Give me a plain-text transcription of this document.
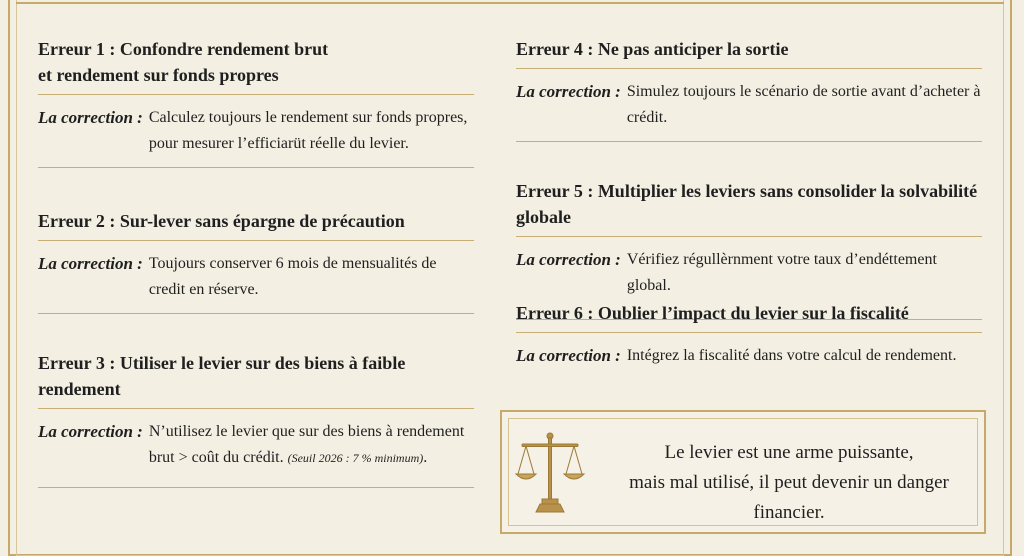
Erreur 1 : Confondre rendement brut
et rendement sur fonds propres
La correction : Calculez toujours le rendement sur fonds propres, pour mesurer l’efficiarüt réelle du levier.
Erreur 2 : Sur-lever sans épargne de précaution
La correction : Toujours conserver 6 mois de mensualités de credit en réserve.
Erreur 3 : Utiliser le levier sur des biens à faible rendement
La correction : N’utilisez le levier que sur des biens à rendement brut > coût du crédit. (Seuil 2026 : 7 % minimum).
Erreur 4 : Ne pas anticiper la sortie
La correction : Simulez toujours le scénario de sortie avant d’acheter à crédit.
Erreur 5 : Multiplier les leviers sans consolider la solvabilité globale
La correction : Vérifiez régullèrnment votre taux d’endéttement global.
Erreur 6 : Oublier l’impact du levier sur la fiscalité
La correction : Intégrez la fiscalité dans votre calcul de rendement.
Le levier est une arme puissante,
mais mal utilisé, il peut devenir un danger financier.
